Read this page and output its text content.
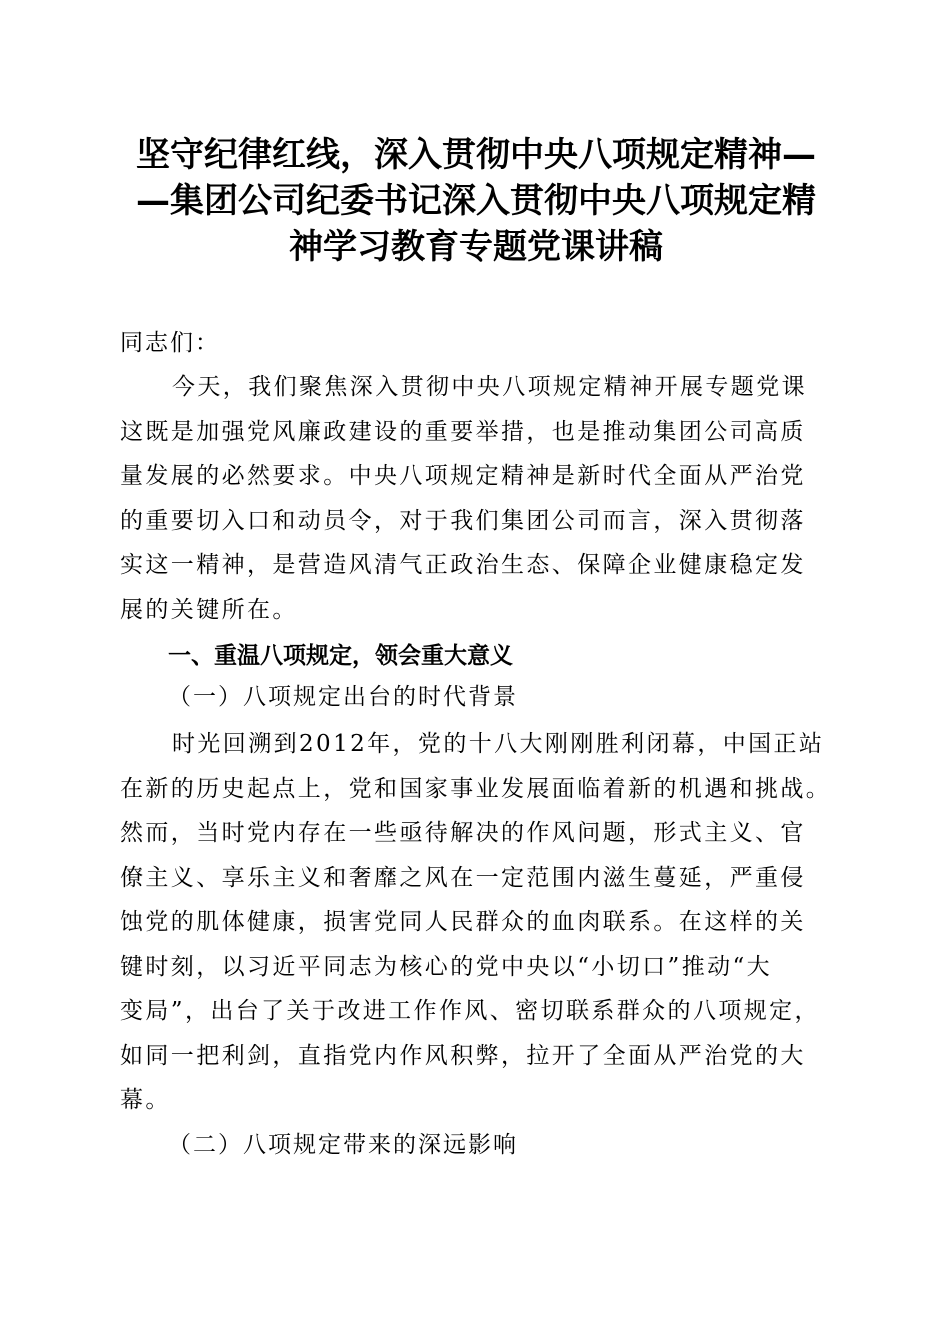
坚守纪律红线，深入贯彻中央八项规定精神—
—集团公司纪委书记深入贯彻中央八项规定精
神学习教育专题党课讲稿
同志们：
今天，我们聚焦深入贯彻中央八项规定精神开展专题党课
这既是加强党风廉政建设的重要举措，也是推动集团公司高质
量发展的必然要求。中央八项规定精神是新时代全面从严治党
的重要切入口和动员令，对于我们集团公司而言，深入贯彻落
实这一精神，是营造风清气正政治生态、保障企业健康稳定发
展的关键所在。
一、重温八项规定，领会重大意义
（一）八项规定出台的时代背景
时光回溯到2012年，党的十八大刚刚胜利闭幕，中国正站
在新的历史起点上，党和国家事业发展面临着新的机遇和挑战。
然而，当时党内存在一些亟待解决的作风问题，形式主义、官
僚主义、享乐主义和奢靡之风在一定范围内滋生蔓延，严重侵
蚀党的肌体健康，损害党同人民群众的血肉联系。在这样的关
键时刻，以习近平同志为核心的党中央以“小切口”推动“大
变局”，出台了关于改进工作作风、密切联系群众的八项规定，
如同一把利剑，直指党内作风积弊，拉开了全面从严治党的大
幕。
（二）八项规定带来的深远影响
